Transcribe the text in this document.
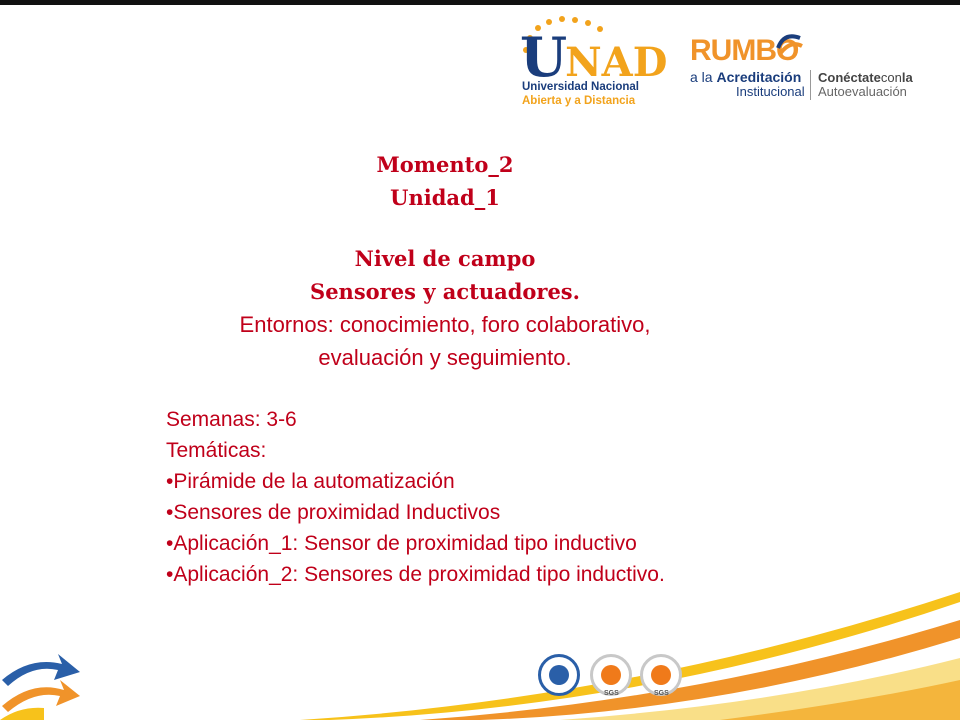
UNAD
Universidad Nacional
Abierta y a Distancia
RUMBO
a la Acreditación
Institucional
Conéctateconla
Autoevaluación
Momento_2
Unidad_1
Nivel de campo
Sensores y actuadores.
Entornos: conocimiento, foro colaborativo,
evaluación y seguimiento.
Semanas: 3-6
Temáticas:
•Pirámide de la automatización
•Sensores de proximidad Inductivos
•Aplicación_1: Sensor de proximidad tipo inductivo
•Aplicación_2: Sensores de proximidad tipo inductivo.
SGS	SGS
